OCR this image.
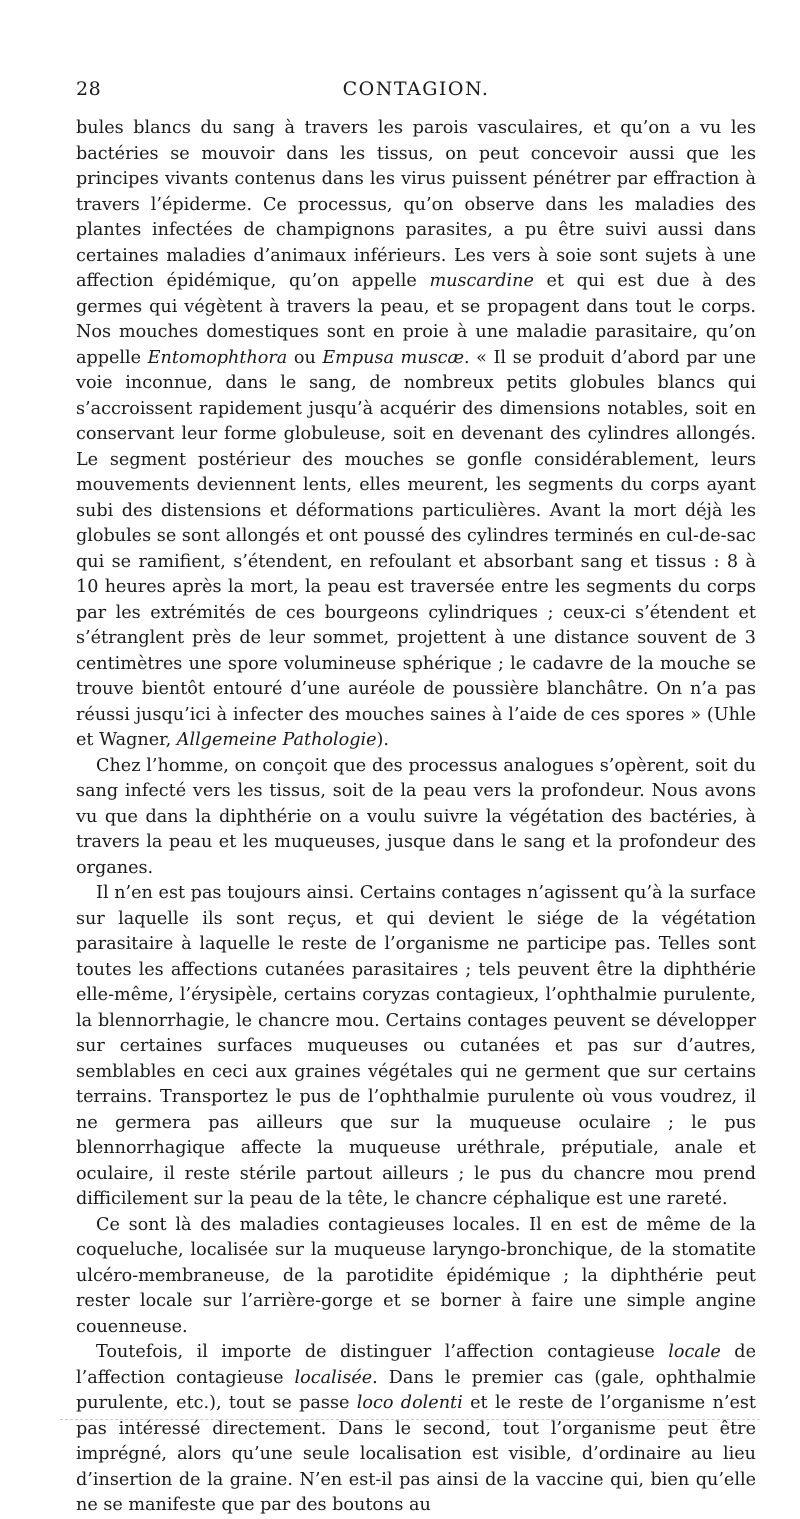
28	CONTAGION.

bules blancs du sang à travers les parois vasculaires, et qu’on a vu les bactéries se mouvoir dans les tissus, on peut concevoir aussi que les principes vivants contenus dans les virus puissent pénétrer par effraction à travers l’épiderme. Ce processus, qu’on observe dans les maladies des plantes infectées de champignons parasites, a pu être suivi aussi dans certaines maladies d’animaux inférieurs. Les vers à soie sont sujets à une affection épidémique, qu’on appelle muscardine et qui est due à des germes qui végètent à travers la peau, et se propagent dans tout le corps. Nos mouches domestiques sont en proie à une maladie parasitaire, qu’on appelle Entomophthora ou Empusa muscæ. « Il se produit d’abord par une voie inconnue, dans le sang, de nombreux petits globules blancs qui s’accroissent rapidement jusqu’à acquérir des dimensions notables, soit en conservant leur forme globuleuse, soit en devenant des cylindres allongés. Le segment postérieur des mouches se gonfle considérablement, leurs mouvements deviennent lents, elles meurent, les segments du corps ayant subi des distensions et déformations particulières. Avant la mort déjà les globules se sont allongés et ont poussé des cylindres terminés en cul-de-sac qui se ramifient, s’étendent, en refoulant et absorbant sang et tissus : 8 à 10 heures après la mort, la peau est traversée entre les segments du corps par les extrémités de ces bourgeons cylindriques ; ceux-ci s’étendent et s’étranglent près de leur sommet, projettent à une distance souvent de 3 centimètres une spore volumineuse sphérique ; le cadavre de la mouche se trouve bientôt entouré d’une auréole de poussière blanchâtre. On n’a pas réussi jusqu’ici à infecter des mouches saines à l’aide de ces spores » (Uhle et Wagner, Allgemeine Pathologie).

Chez l’homme, on conçoit que des processus analogues s’opèrent, soit du sang infecté vers les tissus, soit de la peau vers la profondeur. Nous avons vu que dans la diphthérie on a voulu suivre la végétation des bactéries, à travers la peau et les muqueuses, jusque dans le sang et la profondeur des organes.

Il n’en est pas toujours ainsi. Certains contages n’agissent qu’à la surface sur laquelle ils sont reçus, et qui devient le siége de la végétation parasitaire à laquelle le reste de l’organisme ne participe pas. Telles sont toutes les affections cutanées parasitaires ; tels peuvent être la diphthérie elle-même, l’érysipèle, certains coryzas contagieux, l’ophthalmie purulente, la blennorrhagie, le chancre mou. Certains contages peuvent se développer sur certaines surfaces muqueuses ou cutanées et pas sur d’autres, semblables en ceci aux graines végétales qui ne germent que sur certains terrains. Transportez le pus de l’ophthalmie purulente où vous voudrez, il ne germera pas ailleurs que sur la muqueuse oculaire ; le pus blennorrhagique affecte la muqueuse uréthrale, préputiale, anale et oculaire, il reste stérile partout ailleurs ; le pus du chancre mou prend difficilement sur la peau de la tête, le chancre céphalique est une rareté.

Ce sont là des maladies contagieuses locales. Il en est de même de la coqueluche, localisée sur la muqueuse laryngo-bronchique, de la stomatite ulcéro-membraneuse, de la parotidite épidémique ; la diphthérie peut rester locale sur l’arrière-gorge et se borner à faire une simple angine couenneuse.

Toutefois, il importe de distinguer l’affection contagieuse locale de l’affection contagieuse localisée. Dans le premier cas (gale, ophthalmie purulente, etc.), tout se passe loco dolenti et le reste de l’organisme n’est pas intéressé directement. Dans le second, tout l’organisme peut être imprégné, alors qu’une seule localisation est visible, d’ordinaire au lieu d’insertion de la graine. N’en est-il pas ainsi de la vaccine qui, bien qu’elle ne se manifeste que par des boutons au
